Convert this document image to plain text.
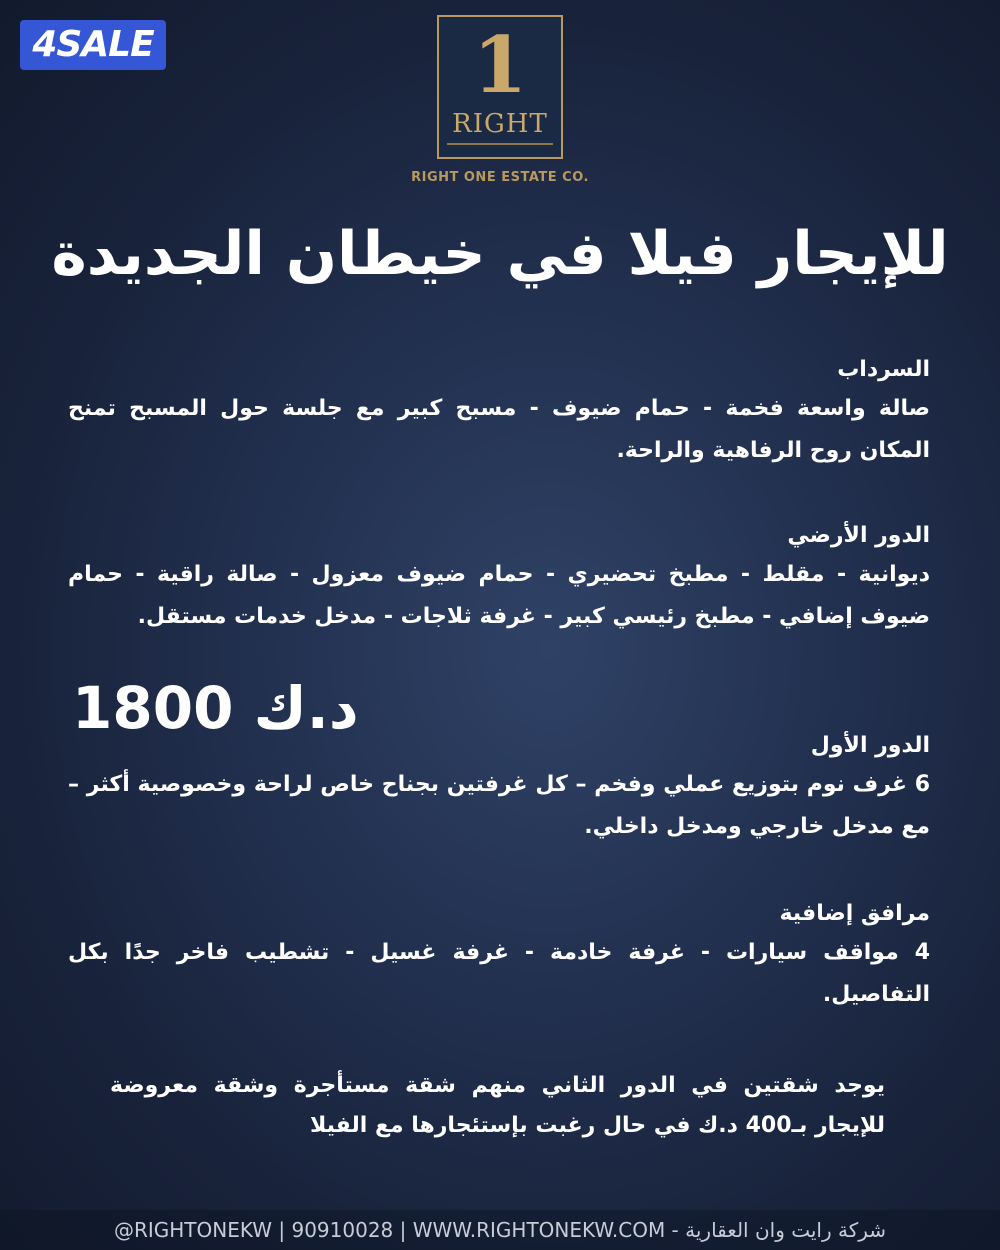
4SALE	1
RIGHT
RIGHT ONE ESTATE CO.
للإيجار فيلا في خيطان الجديدة
السرداب
صالة واسعة فخمة - حمام ضيوف - مسبح كبير مع جلسة حول المسبح تمنح المكان روح الرفاهية والراحة.
الدور الأرضي
ديوانية - مقلط - مطبخ تحضيري - حمام ضيوف معزول - صالة راقية - حمام ضيوف إضافي - مطبخ رئيسي كبير - غرفة ثلاجات - مدخل خدمات مستقل.
1800 د.ك
الدور الأول
6 غرف نوم بتوزيع عملي وفخم – كل غرفتين بجناح خاص لراحة وخصوصية أكثر – مع مدخل خارجي ومدخل داخلي.
مرافق إضافية
4 مواقف سيارات - غرفة خادمة - غرفة غسيل - تشطيب فاخر جدًا بكل التفاصيل.
يوجد شقتين في الدور الثاني منهم شقة مستأجرة وشقة معروضة للإيجار بـ400 د.ك في حال رغبت بإستئجارها مع الفيلا
@RIGHTONEKW | 90910028 | WWW.RIGHTONEKW.COM - شركة رايت وان العقارية
